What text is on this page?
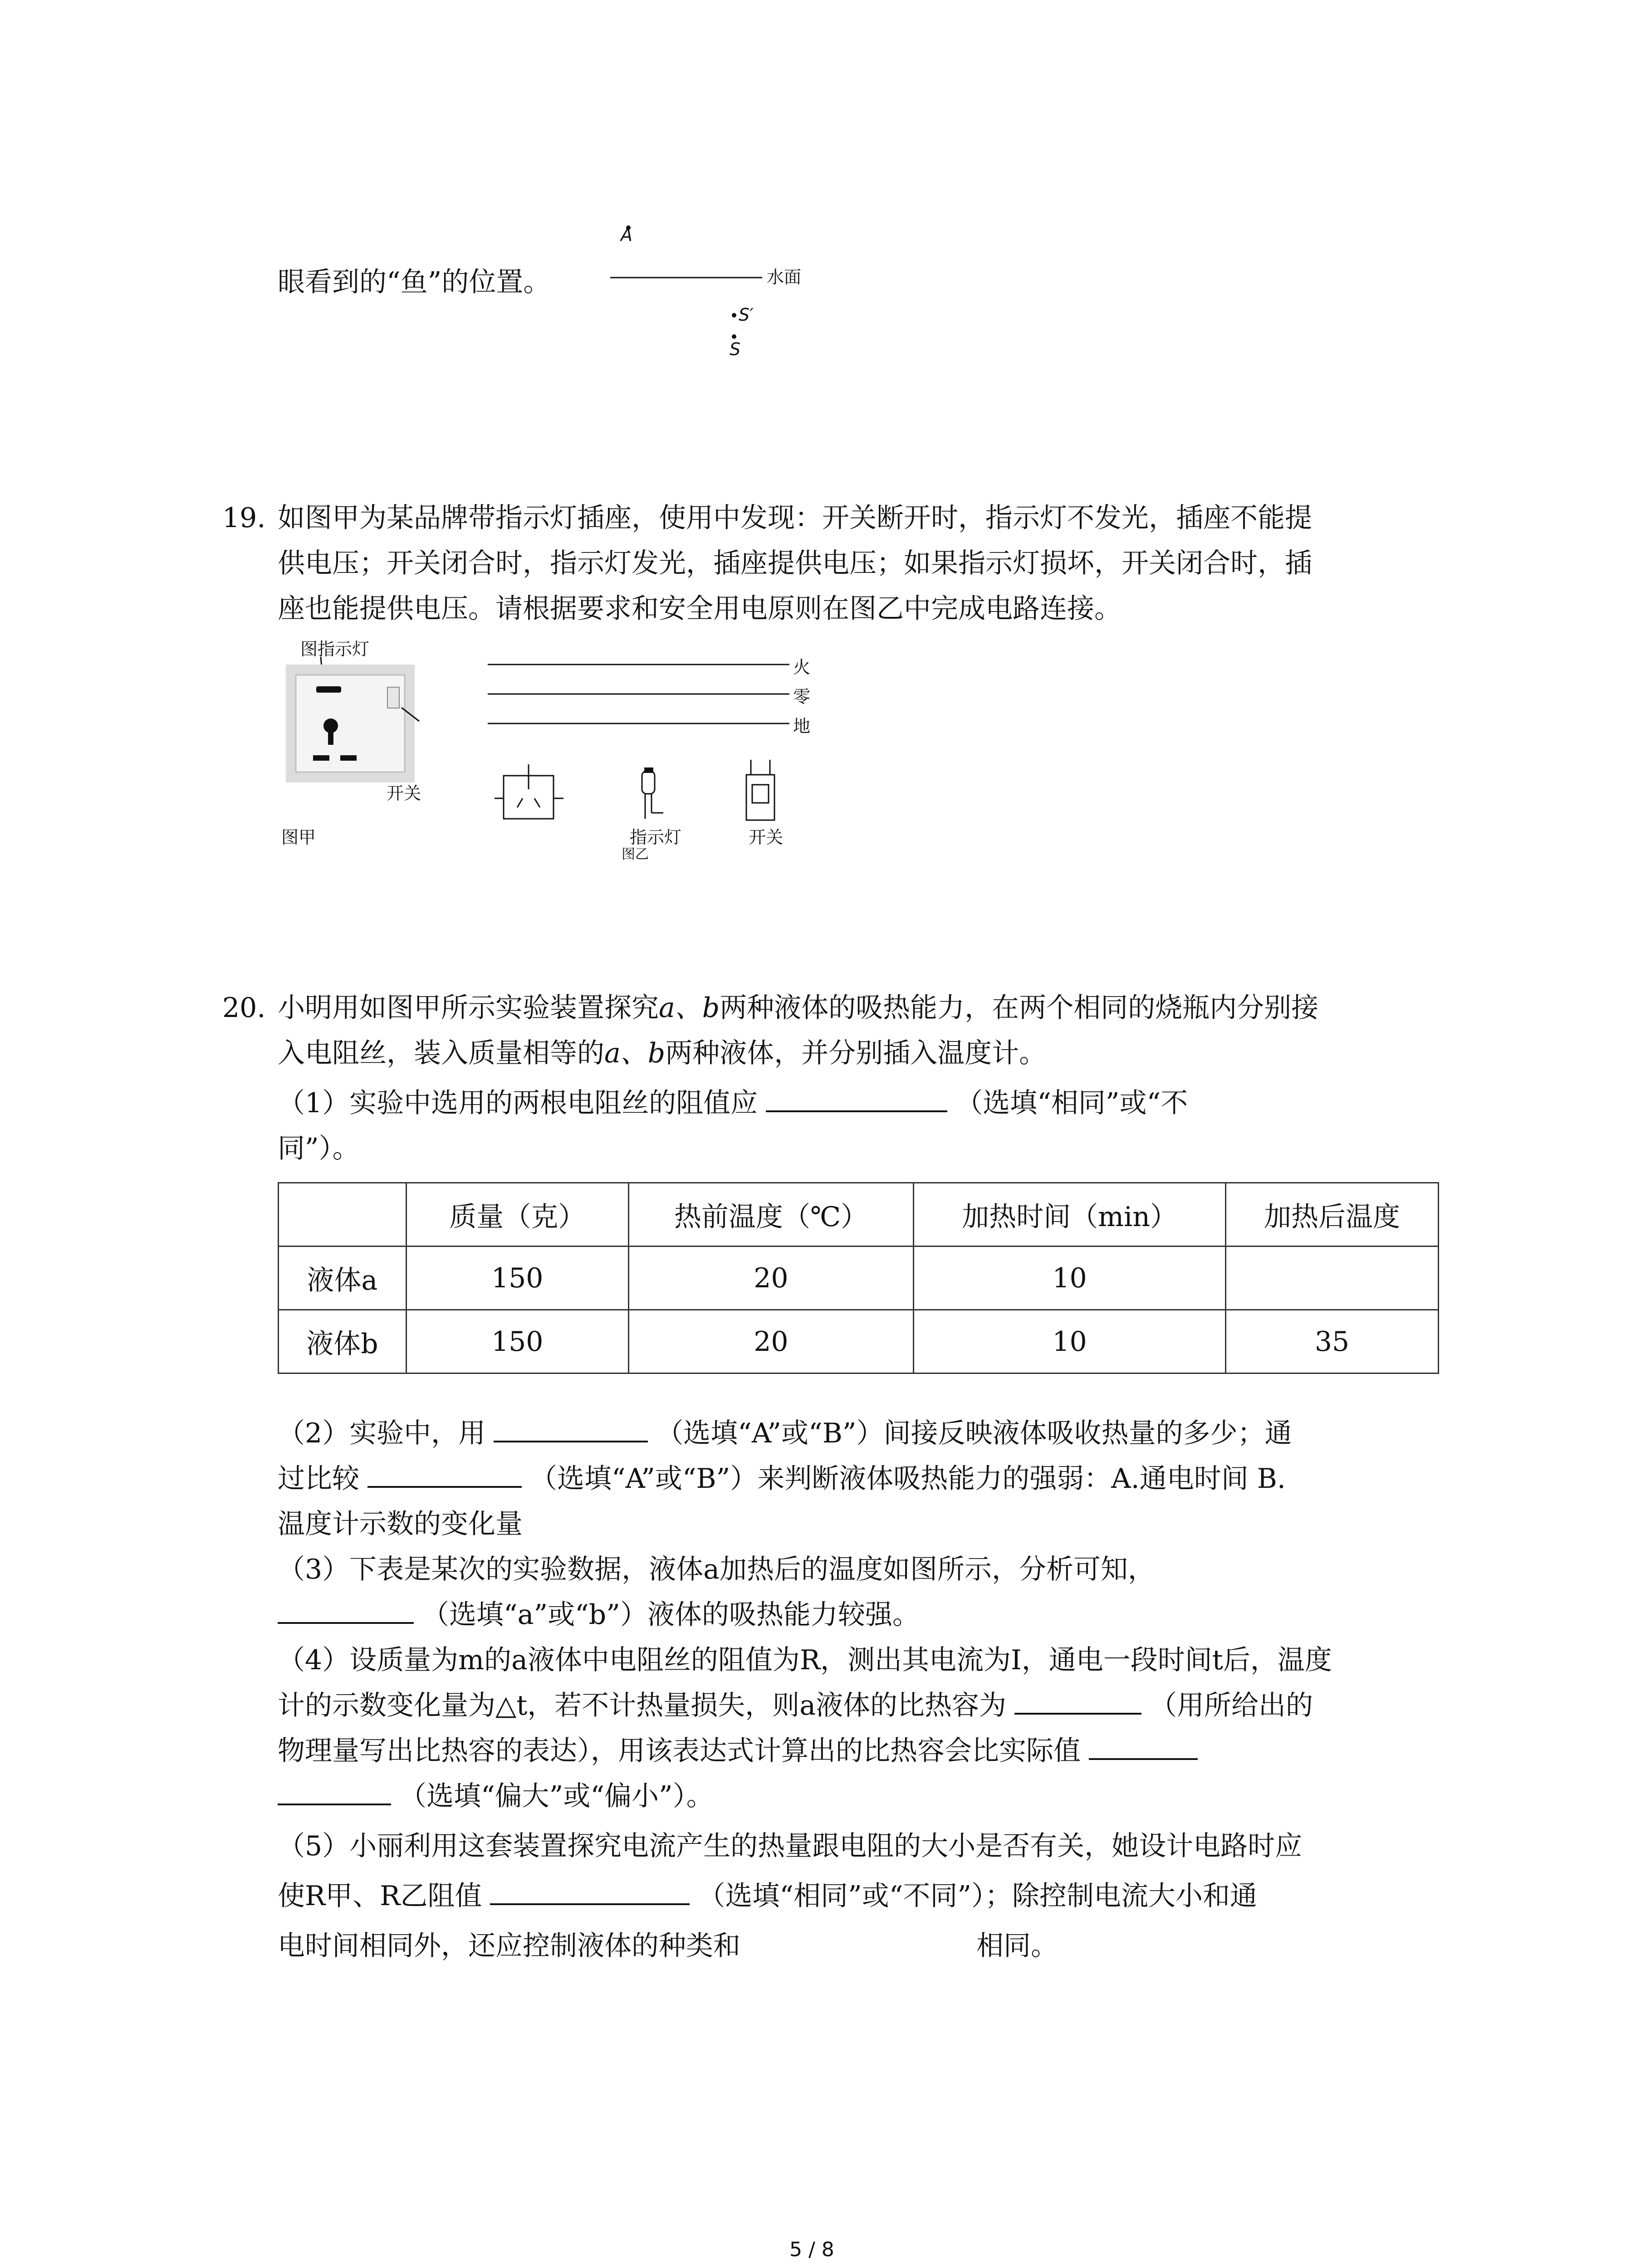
眼看到的“鱼”的位置。
A
水面
S′
S
19. 如图甲为某品牌带指示灯插座，使用中发现：开关断开时，指示灯不发光，插座不能提
供电压；开关闭合时，指示灯发光，插座提供电压；如果指示灯损坏，开关闭合时，插
座也能提供电压。请根据要求和安全用电原则在图乙中完成电路连接。
图指示灯
开关
图甲
火
零
地
指示灯	开关
图乙
20. 小明用如图甲所示实验装置探究a、b两种液体的吸热能力，在两个相同的烧瓶内分别接
入电阻丝，装入质量相等的a、b两种液体，并分别插入温度计。
（1）实验中选用的两根电阻丝的阻值应	（选填“相同”或“不
同”）。
	质量（克）	热前温度（℃）	加热时间（min）	加热后温度
液体a	150	20	10	
液体b	150	20	10	35
（2）实验中，用	（选填“A”或“B”）间接反映液体吸收热量的多少；通
过比较	（选填“A”或“B”）来判断液体吸热能力的强弱：A.通电时间 B.
温度计示数的变化量
（3）下表是某次的实验数据，液体a加热后的温度如图所示，分析可知，
（选填“a”或“b”）液体的吸热能力较强。
（4）设质量为m的a液体中电阻丝的阻值为R，测出其电流为I，通电一段时间t后，温度
计的示数变化量为△t，若不计热量损失，则a液体的比热容为	（用所给出的
物理量写出比热容的表达），用该表达式计算出的比热容会比实际值
（选填“偏大”或“偏小”）。
（5）小丽利用这套装置探究电流产生的热量跟电阻的大小是否有关，她设计电路时应
使R甲、R乙阻值	（选填“相同”或“不同”）；除控制电流大小和通
电时间相同外，还应控制液体的种类和	相同。
5 / 8
